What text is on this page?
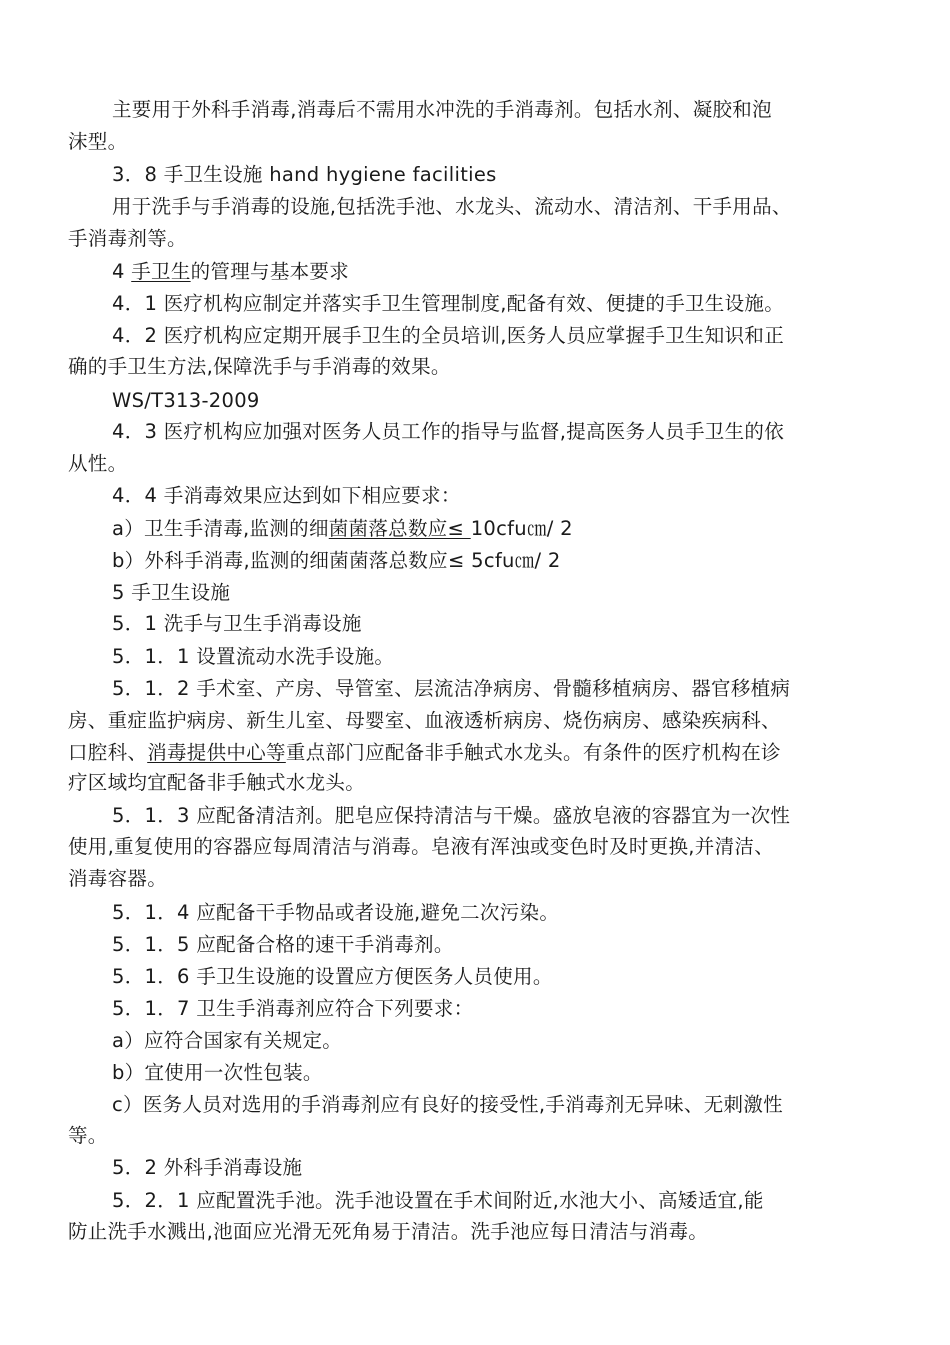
主要用于外科手消毒,消毒后不需用水冲洗的手消毒剂。包括水剂、凝胶和泡
沫型。
3．8 手卫生设施 hand hygiene facilities
用于洗手与手消毒的设施,包括洗手池、水龙头、流动水、清洁剂、干手用品、
手消毒剂等。
4 手卫生的管理与基本要求
4．1 医疗机构应制定并落实手卫生管理制度,配备有效、便捷的手卫生设施。
4．2 医疗机构应定期开展手卫生的全员培训,医务人员应掌握手卫生知识和正
确的手卫生方法,保障洗手与手消毒的效果。
WS/T313-2009
4．3 医疗机构应加强对医务人员工作的指导与监督,提高医务人员手卫生的依
从性。
4．4 手消毒效果应达到如下相应要求：
a）卫生手清毒,监测的细菌菌落总数应≤ 10cfu㎝/ 2
b）外科手消毒,监测的细菌菌落总数应≤ 5cfu㎝/ 2
5 手卫生设施
5．1 洗手与卫生手消毒设施
5．1．1 设置流动水洗手设施。
5．1．2 手术室、产房、导管室、层流洁净病房、骨髓移植病房、器官移植病
房、重症监护病房、新生儿室、母婴室、血液透析病房、烧伤病房、感染疾病科、
口腔科、消毒提供中心等重点部门应配备非手触式水龙头。有条件的医疗机构在诊
疗区域均宜配备非手触式水龙头。
5．1．3 应配备清洁剂。肥皂应保持清洁与干燥。盛放皂液的容器宜为一次性
使用,重复使用的容器应每周清洁与消毒。皂液有浑浊或变色时及时更换,并清洁、
消毒容器。
5．1．4 应配备干手物品或者设施,避免二次污染。
5．1．5 应配备合格的速干手消毒剂。
5．1．6 手卫生设施的设置应方便医务人员使用。
5．1．7 卫生手消毒剂应符合下列要求：
a）应符合国家有关规定。
b）宜使用一次性包装。
c）医务人员对选用的手消毒剂应有良好的接受性,手消毒剂无异味、无刺激性
等。
5．2 外科手消毒设施
5．2．1 应配置洗手池。洗手池设置在手术间附近,水池大小、高矮适宜,能
防止洗手水溅出,池面应光滑无死角易于清洁。洗手池应每日清洁与消毒。
